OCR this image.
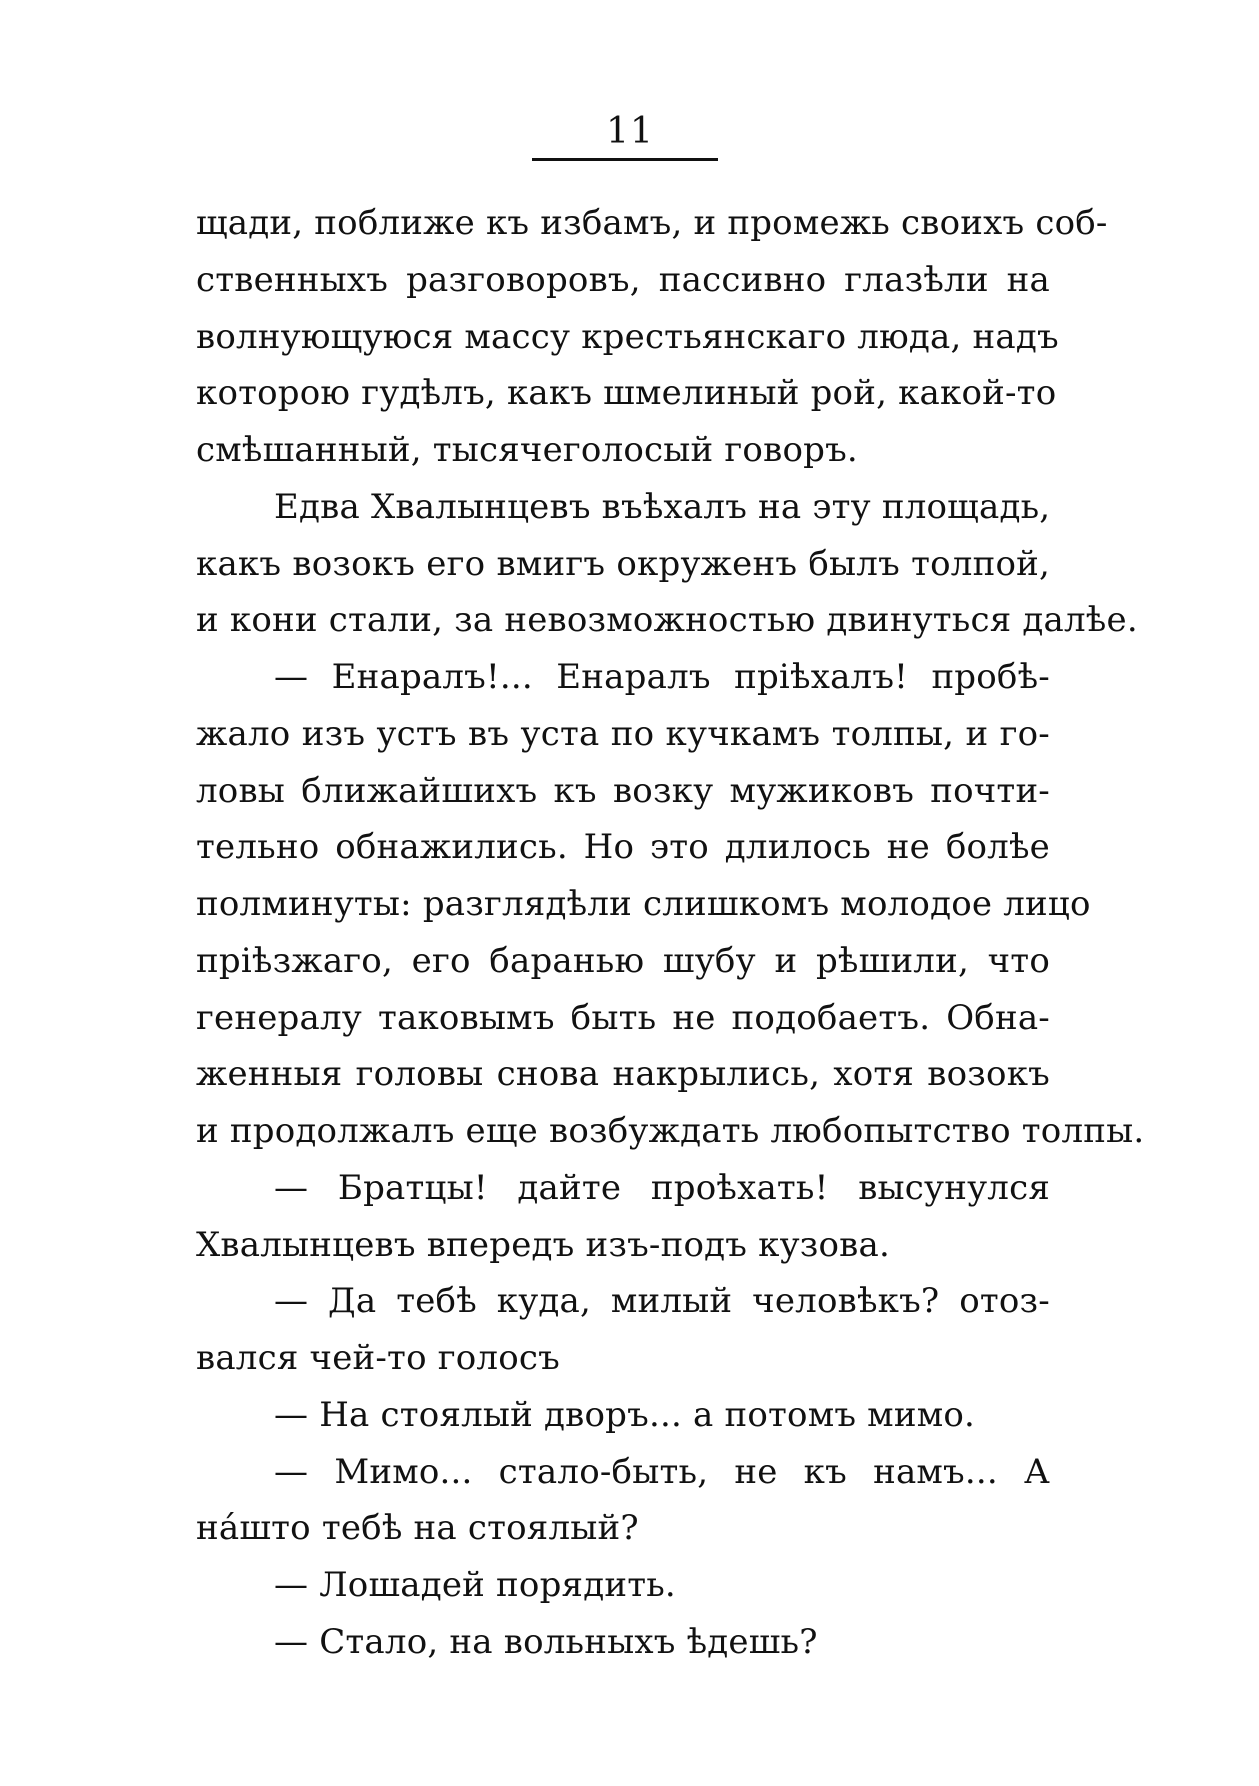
11
щади, поближе къ избамъ, и промежь своихъ соб-
ственныхъ разговоровъ, пассивно глазѣли на
волнующуюся массу крестьянскаго люда, надъ
которою гудѣлъ, какъ шмелиный рой, какой-то
смѣшанный, тысячеголосый говоръ.
Едва Хвалынцевъ въѣхалъ на эту площадь,
какъ возокъ его вмигъ окруженъ былъ толпой,
и кони стали, за невозможностью двинуться далѣе.
— Енаралъ!... Енаралъ пріѣхалъ! пробѣ-
жало изъ устъ въ уста по кучкамъ толпы, и го-
ловы ближайшихъ къ возку мужиковъ почти-
тельно обнажились. Но это длилось не болѣе
полминуты: разглядѣли слишкомъ молодое лицо
пріѣзжаго, его баранью шубу и рѣшили, что
генералу таковымъ быть не подобаетъ. Обна-
женныя головы снова накрылись, хотя возокъ
и продолжалъ еще возбуждать любопытство толпы.
— Братцы! дайте проѣхать! высунулся
Хвалынцевъ впередъ изъ-подъ кузова.
— Да тебѣ куда, милый человѣкъ? отоз-
вался чей-то голосъ
— На стоялый дворъ... а потомъ мимо.
— Мимо... стало-быть, не къ намъ... А
нáшто тебѣ на стоялый?
— Лошадей порядить.
— Стало, на вольныхъ ѣдешь?
